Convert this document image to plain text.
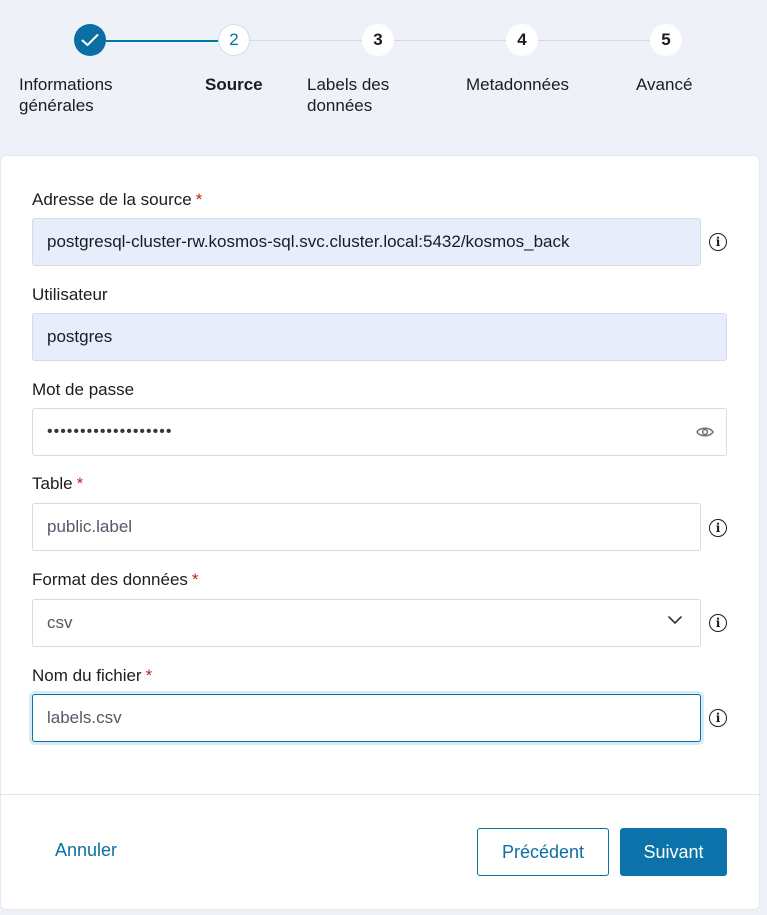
2	3	4	5
Informations
générales
Source	Labels des
données
Metadonnées	Avancé
Adresse de la source *
postgresql-cluster-rw.kosmos-sql.svc.cluster.local:5432/kosmos_back	i
Utilisateur
postgres
Mot de passe
•••••••••••••••••••
Table *
public.label	i
Format des données *
csv	i
Nom du fichier *
labels.csv	i
Annuler	Précédent	Suivant
